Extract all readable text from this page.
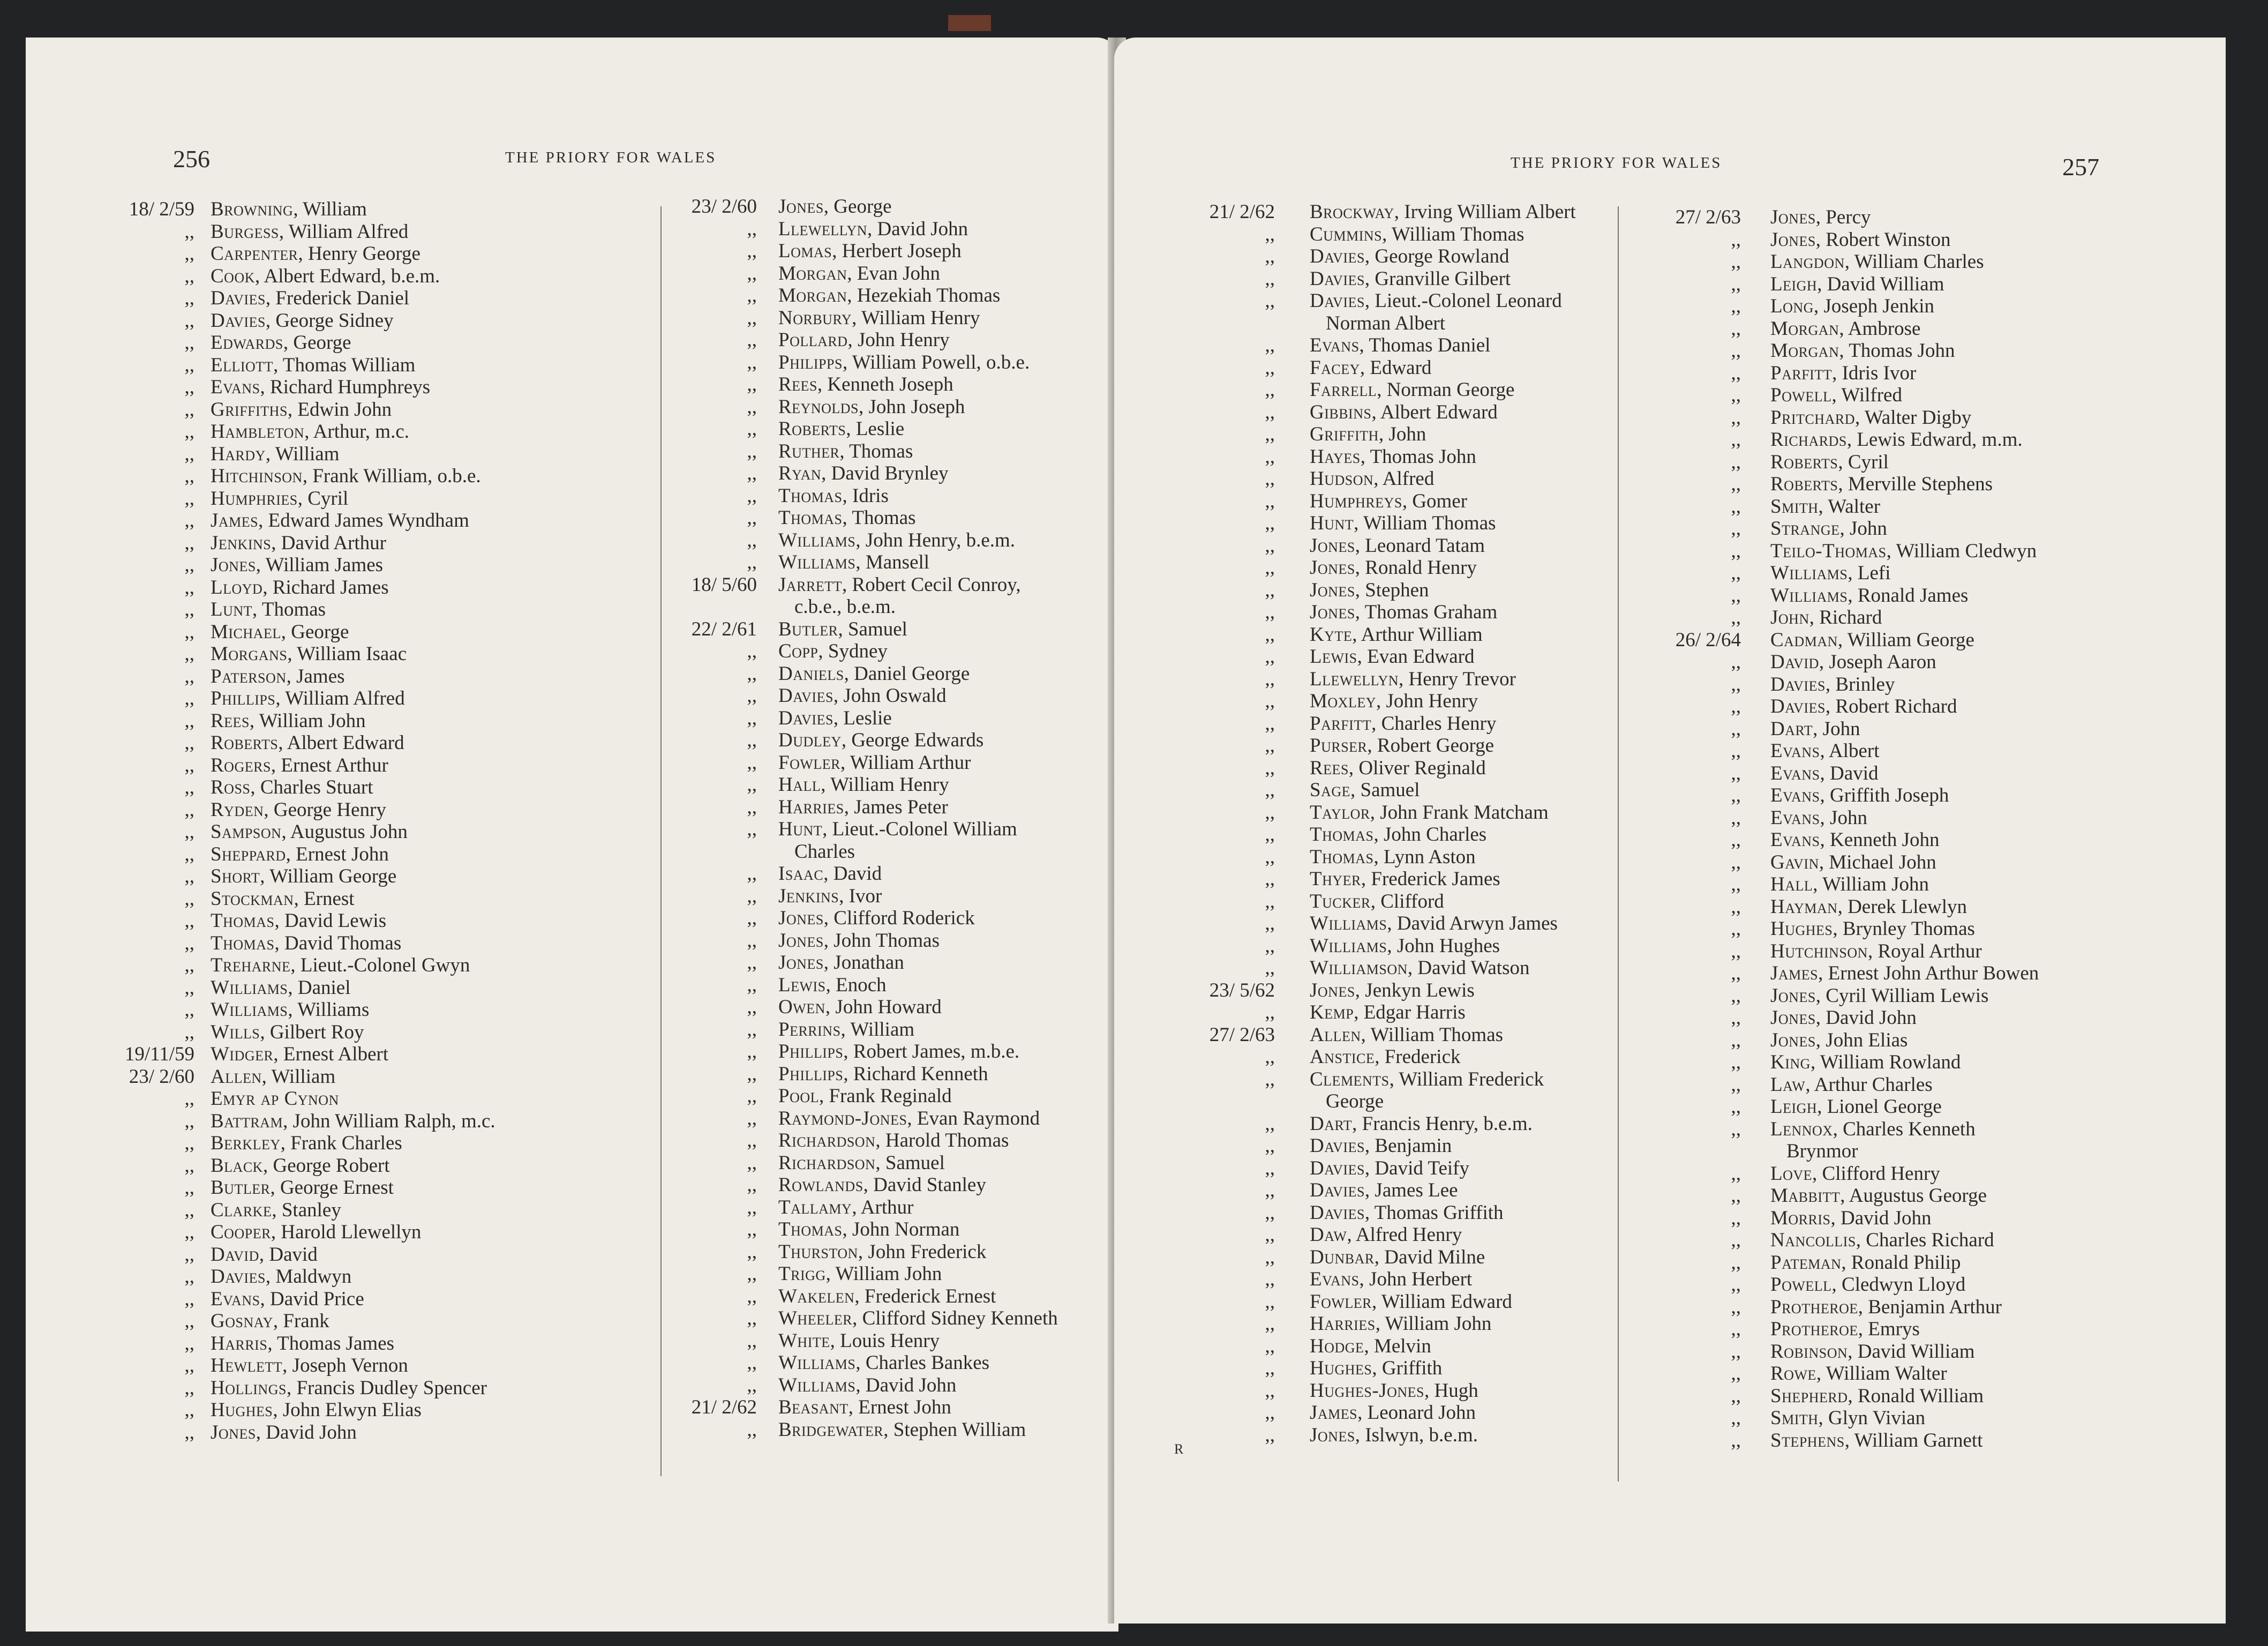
256	THE PRIORY FOR WALES
18/ 2/59 Browning, William
,, Burgess, William Alfred
,, Carpenter, Henry George
,, Cook, Albert Edward, b.e.m.
,, Davies, Frederick Daniel
,, Davies, George Sidney
,, Edwards, George
,, Elliott, Thomas William
,, Evans, Richard Humphreys
,, Griffiths, Edwin John
,, Hambleton, Arthur, m.c.
,, Hardy, William
,, Hitchinson, Frank William, o.b.e.
,, Humphries, Cyril
,, James, Edward James Wyndham
,, Jenkins, David Arthur
,, Jones, William James
,, Lloyd, Richard James
,, Lunt, Thomas
,, Michael, George
,, Morgans, William Isaac
,, Paterson, James
,, Phillips, William Alfred
,, Rees, William John
,, Roberts, Albert Edward
,, Rogers, Ernest Arthur
,, Ross, Charles Stuart
,, Ryden, George Henry
,, Sampson, Augustus John
,, Sheppard, Ernest John
,, Short, William George
,, Stockman, Ernest
,, Thomas, David Lewis
,, Thomas, David Thomas
,, Treharne, Lieut.-Colonel Gwyn
,, Williams, Daniel
,, Williams, Williams
,, Wills, Gilbert Roy
19/11/59 Widger, Ernest Albert
23/ 2/60 Allen, William
,, Emyr ap Cynon
,, Battram, John William Ralph, m.c.
,, Berkley, Frank Charles
,, Black, George Robert
,, Butler, George Ernest
,, Clarke, Stanley
,, Cooper, Harold Llewellyn
,, David, David
,, Davies, Maldwyn
,, Evans, David Price
,, Gosnay, Frank
,, Harris, Thomas James
,, Hewlett, Joseph Vernon
,, Hollings, Francis Dudley Spencer
,, Hughes, John Elwyn Elias
,, Jones, David John
23/ 2/60 Jones, George
,, Llewellyn, David John
,, Lomas, Herbert Joseph
,, Morgan, Evan John
,, Morgan, Hezekiah Thomas
,, Norbury, William Henry
,, Pollard, John Henry
,, Philipps, William Powell, o.b.e.
,, Rees, Kenneth Joseph
,, Reynolds, John Joseph
,, Roberts, Leslie
,, Ruther, Thomas
,, Ryan, David Brynley
,, Thomas, Idris
,, Thomas, Thomas
,, Williams, John Henry, b.e.m.
,, Williams, Mansell
18/ 5/60 Jarrett, Robert Cecil Conroy,
c.b.e., b.e.m.
22/ 2/61 Butler, Samuel
,, Copp, Sydney
,, Daniels, Daniel George
,, Davies, John Oswald
,, Davies, Leslie
,, Dudley, George Edwards
,, Fowler, William Arthur
,, Hall, William Henry
,, Harries, James Peter
,, Hunt, Lieut.-Colonel William
Charles
,, Isaac, David
,, Jenkins, Ivor
,, Jones, Clifford Roderick
,, Jones, John Thomas
,, Jones, Jonathan
,, Lewis, Enoch
,, Owen, John Howard
,, Perrins, William
,, Phillips, Robert James, m.b.e.
,, Phillips, Richard Kenneth
,, Pool, Frank Reginald
,, Raymond-Jones, Evan Raymond
,, Richardson, Harold Thomas
,, Richardson, Samuel
,, Rowlands, David Stanley
,, Tallamy, Arthur
,, Thomas, John Norman
,, Thurston, John Frederick
,, Trigg, William John
,, Wakelen, Frederick Ernest
,, Wheeler, Clifford Sidney Kenneth
,, White, Louis Henry
,, Williams, Charles Bankes
,, Williams, David John
21/ 2/62 Beasant, Ernest John
,, Bridgewater, Stephen William
THE PRIORY FOR WALES	257
21/ 2/62 Brockway, Irving William Albert
,, Cummins, William Thomas
,, Davies, George Rowland
,, Davies, Granville Gilbert
,, Davies, Lieut.-Colonel Leonard
Norman Albert
,, Evans, Thomas Daniel
,, Facey, Edward
,, Farrell, Norman George
,, Gibbins, Albert Edward
,, Griffith, John
,, Hayes, Thomas John
,, Hudson, Alfred
,, Humphreys, Gomer
,, Hunt, William Thomas
,, Jones, Leonard Tatam
,, Jones, Ronald Henry
,, Jones, Stephen
,, Jones, Thomas Graham
,, Kyte, Arthur William
,, Lewis, Evan Edward
,, Llewellyn, Henry Trevor
,, Moxley, John Henry
,, Parfitt, Charles Henry
,, Purser, Robert George
,, Rees, Oliver Reginald
,, Sage, Samuel
,, Taylor, John Frank Matcham
,, Thomas, John Charles
,, Thomas, Lynn Aston
,, Thyer, Frederick James
,, Tucker, Clifford
,, Williams, David Arwyn James
,, Williams, John Hughes
,, Williamson, David Watson
23/ 5/62 Jones, Jenkyn Lewis
,, Kemp, Edgar Harris
27/ 2/63 Allen, William Thomas
,, Anstice, Frederick
,, Clements, William Frederick
George
,, Dart, Francis Henry, b.e.m.
,, Davies, Benjamin
,, Davies, David Teify
,, Davies, James Lee
,, Davies, Thomas Griffith
,, Daw, Alfred Henry
,, Dunbar, David Milne
,, Evans, John Herbert
,, Fowler, William Edward
,, Harries, William John
,, Hodge, Melvin
,, Hughes, Griffith
,, Hughes-Jones, Hugh
,, James, Leonard John
,, Jones, Islwyn, b.e.m.
27/ 2/63 Jones, Percy
,, Jones, Robert Winston
,, Langdon, William Charles
,, Leigh, David William
,, Long, Joseph Jenkin
,, Morgan, Ambrose
,, Morgan, Thomas John
,, Parfitt, Idris Ivor
,, Powell, Wilfred
,, Pritchard, Walter Digby
,, Richards, Lewis Edward, m.m.
,, Roberts, Cyril
,, Roberts, Merville Stephens
,, Smith, Walter
,, Strange, John
,, Teilo-Thomas, William Cledwyn
,, Williams, Lefi
,, Williams, Ronald James
,, John, Richard
26/ 2/64 Cadman, William George
,, David, Joseph Aaron
,, Davies, Brinley
,, Davies, Robert Richard
,, Dart, John
,, Evans, Albert
,, Evans, David
,, Evans, Griffith Joseph
,, Evans, John
,, Evans, Kenneth John
,, Gavin, Michael John
,, Hall, William John
,, Hayman, Derek Llewlyn
,, Hughes, Brynley Thomas
,, Hutchinson, Royal Arthur
,, James, Ernest John Arthur Bowen
,, Jones, Cyril William Lewis
,, Jones, David John
,, Jones, John Elias
,, King, William Rowland
,, Law, Arthur Charles
,, Leigh, Lionel George
,, Lennox, Charles Kenneth
Brynmor
,, Love, Clifford Henry
,, Mabbitt, Augustus George
,, Morris, David John
,, Nancollis, Charles Richard
,, Pateman, Ronald Philip
,, Powell, Cledwyn Lloyd
,, Protheroe, Benjamin Arthur
,, Protheroe, Emrys
,, Robinson, David William
,, Rowe, William Walter
,, Shepherd, Ronald William
,, Smith, Glyn Vivian
,, Stephens, William Garnett
R
